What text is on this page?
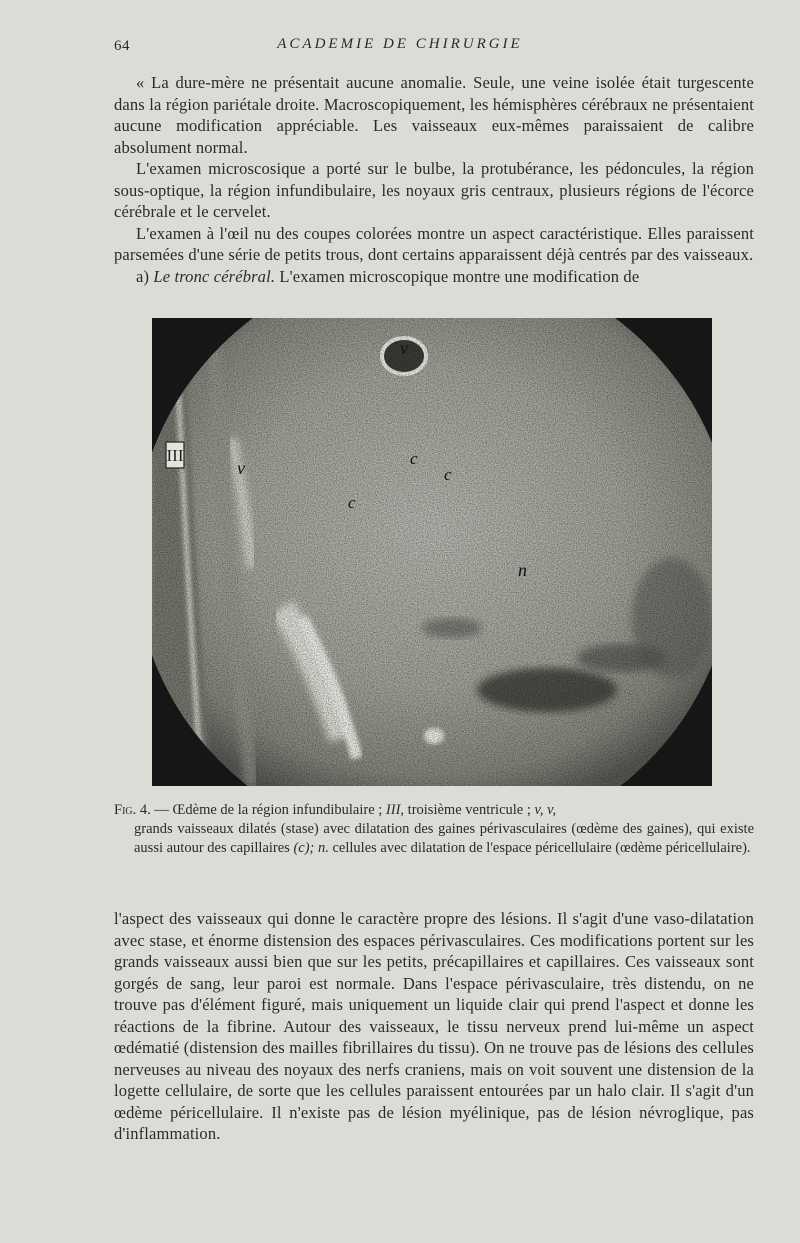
64	ACADEMIE DE CHIRURGIE

« La dure-mère ne présentait aucune anomalie. Seule, une veine isolée était turgescente dans la région pariétale droite. Macroscopiquement, les hémisphères cérébraux ne présentaient aucune modification appréciable. Les vaisseaux eux-mêmes paraissaient de calibre absolument normal.

L'examen microscosique a porté sur le bulbe, la protubérance, les pédoncules, la région sous-optique, la région infundibulaire, les noyaux gris centraux, plusieurs régions de l'écorce cérébrale et le cervelet.

L'examen à l'œil nu des coupes colorées montre un aspect caractéristique. Elles paraissent parsemées d'une série de petits trous, dont certains apparaissent déjà centrés par des vaisseaux.

a) Le tronc cérébral. L'examen microscopique montre une modification de

III
v
v	c
c
c
n
Fig. 4. — Œdème de la région infundibulaire ; III, troisième ventricule ; v, v,
grands vaisseaux dilatés (stase) avec dilatation des gaines périvasculaires (œdème des gaines), qui existe aussi autour des capillaires (c); n. cellules avec dilatation de l'espace péricellulaire (œdème péricellulaire).

l'aspect des vaisseaux qui donne le caractère propre des lésions. Il s'agit d'une vaso-dilatation avec stase, et énorme distension des espaces périvasculaires. Ces modifications portent sur les grands vaisseaux aussi bien que sur les petits, précapillaires et capillaires. Ces vaisseaux sont gorgés de sang, leur paroi est normale. Dans l'espace périvasculaire, très distendu, on ne trouve pas d'élément figuré, mais uniquement un liquide clair qui prend l'aspect et donne les réactions de la fibrine. Autour des vaisseaux, le tissu nerveux prend lui-même un aspect œdématié (distension des mailles fibrillaires du tissu). On ne trouve pas de lésions des cellules nerveuses au niveau des noyaux des nerfs craniens, mais on voit souvent une distension de la logette cellulaire, de sorte que les cellules paraissent entourées par un halo clair. Il s'agit d'un œdème péricellulaire. Il n'existe pas de lésion myélinique, pas de lésion névroglique, pas d'inflammation.
